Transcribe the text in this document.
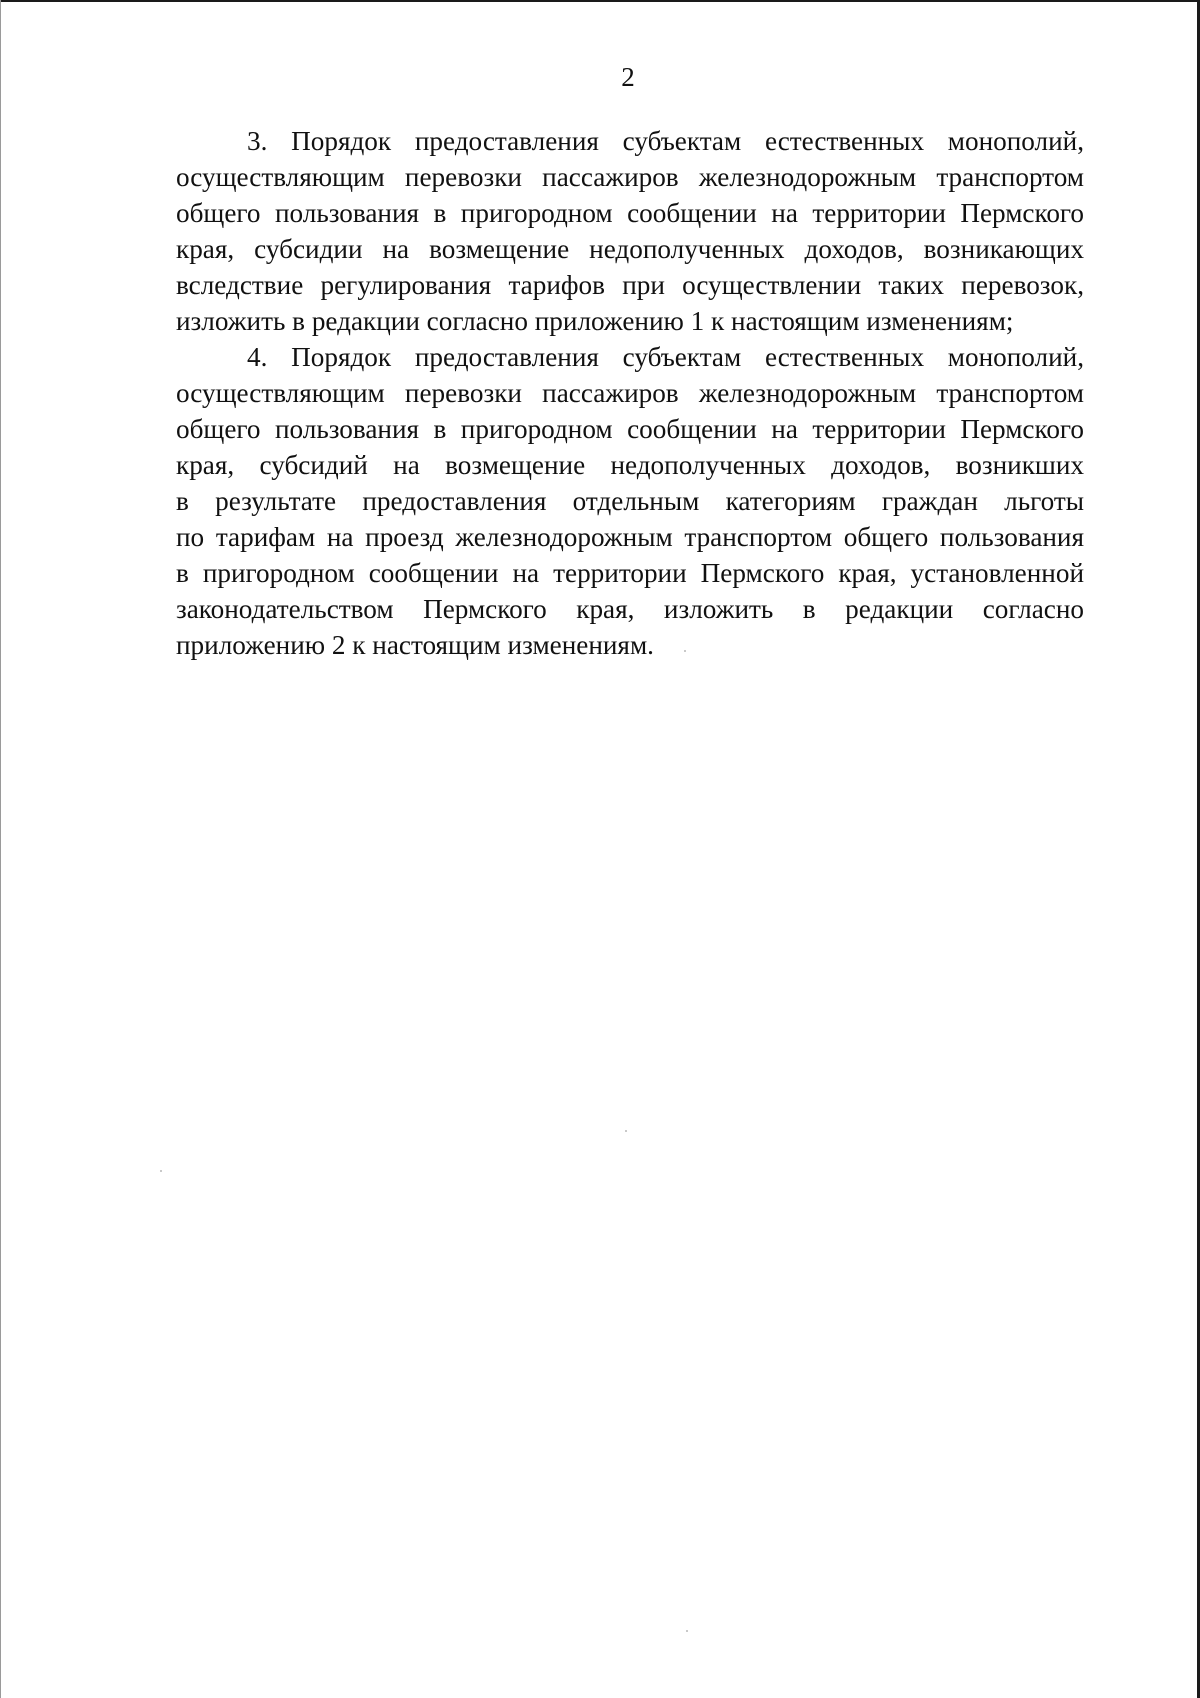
2

3. Порядок предоставления субъектам естественных монополий,
осуществляющим перевозки пассажиров железнодорожным транспортом
общего пользования в пригородном сообщении на территории Пермского
края, субсидии на возмещение недополученных доходов, возникающих
вследствие регулирования тарифов при осуществлении таких перевозок,
изложить в редакции согласно приложению 1 к настоящим изменениям;

4. Порядок предоставления субъектам естественных монополий,
осуществляющим перевозки пассажиров железнодорожным транспортом
общего пользования в пригородном сообщении на территории Пермского
края, субсидий на возмещение недополученных доходов, возникших
в результате предоставления отдельным категориям граждан льготы
по тарифам на проезд железнодорожным транспортом общего пользования
в пригородном сообщении на территории Пермского края, установленной
законодательством Пермского края, изложить в редакции согласно
приложению 2 к настоящим изменениям.
